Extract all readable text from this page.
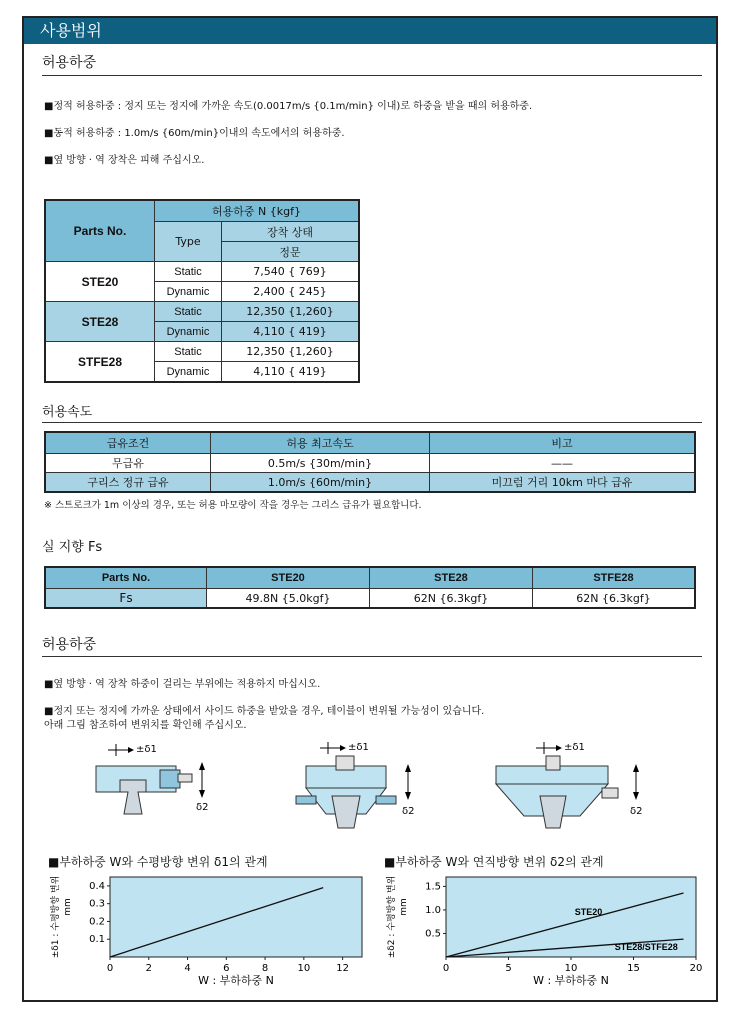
사용범위
허용하중
■정적 허용하중 : 정지 또는 정지에 가까운 속도(0.0017m/s {0.1m/min} 이내)로 하중을 받을 때의 허용하중.
■동적 허용하중 : 1.0m/s {60m/min}이내의 속도에서의 허용하중.
■옆 방향 · 역 장착은 피해 주십시오.
Parts No.	허용하중 N {kgf}	
	Type	장착 상태
		정문
STE20	Static	7,540 { 769}
	Dynamic	2,400 { 245}
STE28	Static	12,350 {1,260}
	Dynamic	4,110 { 419}
STFE28	Static	12,350 {1,260}
	Dynamic	4,110 { 419}
허용속도
급유조건	허용 최고속도	비고
무급유	0.5m/s {30m/min}	——
구리스 정규 급유	1.0m/s {60m/min}	미끄럼 거리 10km 마다 급유
※ 스트로크가 1m 이상의 경우, 또는 허용 마모량이 작을 경우는 그리스 급유가 필요합니다.
실 지향 Fs
Parts No.	STE20	STE28	STFE28
Fs	49.8N {5.0kgf}	62N {6.3kgf}	62N {6.3kgf}
허용하중
■옆 방향 · 역 장착 하중이 걸리는 부위에는 적용하지 마십시오.
■정지 또는 정지에 가까운 상태에서 사이드 하중을 받았을 경우, 테이블이 변위될 가능성이 있습니다.
아래 그림 참조하여 변위치를 확인해 주십시오.
±δ1
δ2
±δ1
δ2
±δ1
δ2
■부하하중 W와 수평방향 변위 δ1의 관계	■부하하중 W와 연직방향 변위 δ2의 관계
0	2	4	6	8	10	12
0.1
0.2
0.3
0.4
W : 부하하중 N
±δ1 : 수평방향 변위 mm
0	5	10	15	20
0.5
1.0
1.5
STE20
STE28/STFE28
W : 부하하중 N
±δ2 : 수평방향 변위 mm
